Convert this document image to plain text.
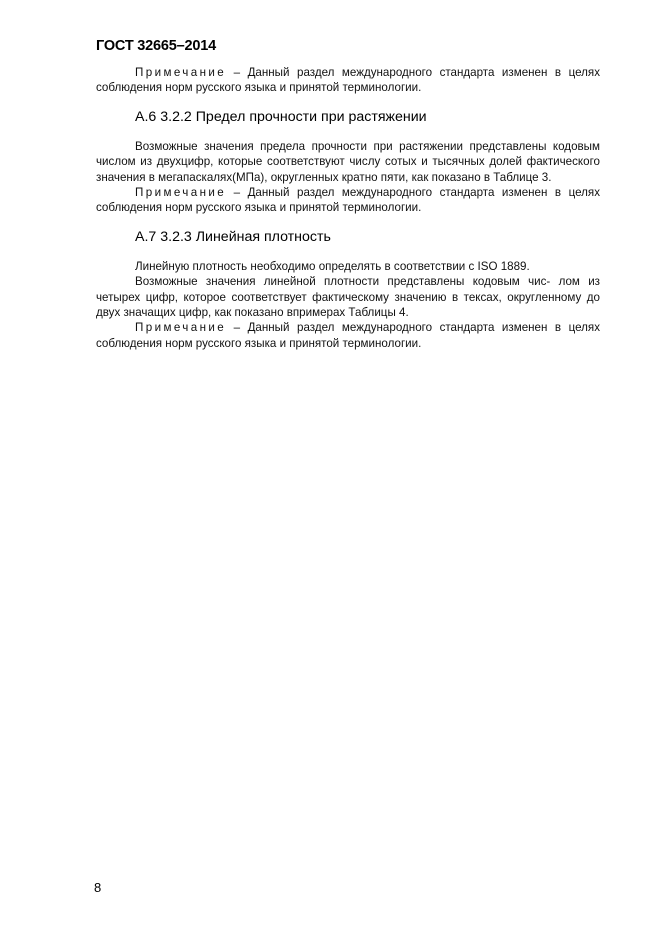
ГОСТ 32665–2014

Примечание – Данный раздел международного стандарта изменен в целях соблюдения норм русского языка и принятой терминологии.

А.6 3.2.2 Предел прочности при растяжении

Возможные значения предела прочности при растяжении представлены кодовым числом из двухцифр, которые соответствуют числу сотых и тысячных долей фактического значения в мегапаскалях(МПа), округленных кратно пяти, как показано в Таблице 3.

Примечание – Данный раздел международного стандарта изменен в целях соблюдения норм русского языка и принятой терминологии.

А.7 3.2.3 Линейная плотность

Линейную плотность необходимо определять в соответствии с ISO 1889.

Возможные значения линейной плотности представлены кодовым чис- лом из четырех цифр, которое соответствует фактическому значению в тексах, округленному до двух значащих цифр, как показано впримерах Таблицы 4.

Примечание – Данный раздел международного стандарта изменен в целях соблюдения норм русского языка и принятой терминологии.

8
